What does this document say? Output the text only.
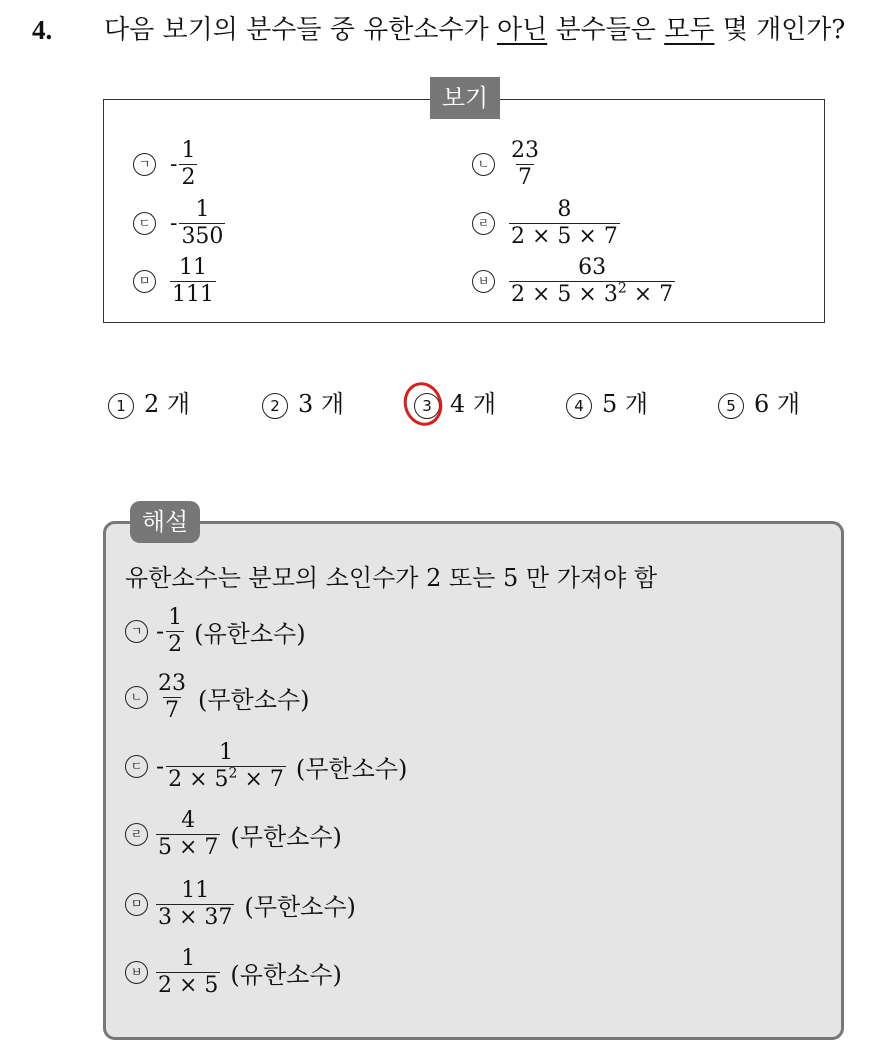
4. 다음 보기의 분수들 중 유한소수가 아닌 분수들은 모두 몇 개인가?
보기
ㄱ - $\frac{1}{2}$	ㄴ $\frac{23}{7}$
ㄷ - $\frac{1}{350}$	ㄹ $\frac{8}{2 \times 5 \times 7}$
ㅁ $\frac{11}{111}$	ㅂ $\frac{63}{2 \times 5 \times 3^2 \times 7}$
1 2 개	2 3 개	3 4 개	4 5 개	5 6 개
해설
유한소수는 분모의 소인수가 2 또는 5 만 가져야 함
ㄱ - $\frac{1}{2}$ (유한소수)
ㄴ $\frac{23}{7}$ (무한소수)
ㄷ - $\frac{1}{2 \times 5^2 \times 7}$ (무한소수)
ㄹ $\frac{4}{5 \times 7}$ (무한소수)
ㅁ $\frac{11}{3 \times 37}$ (무한소수)
ㅂ $\frac{1}{2 \times 5}$ (유한소수)
